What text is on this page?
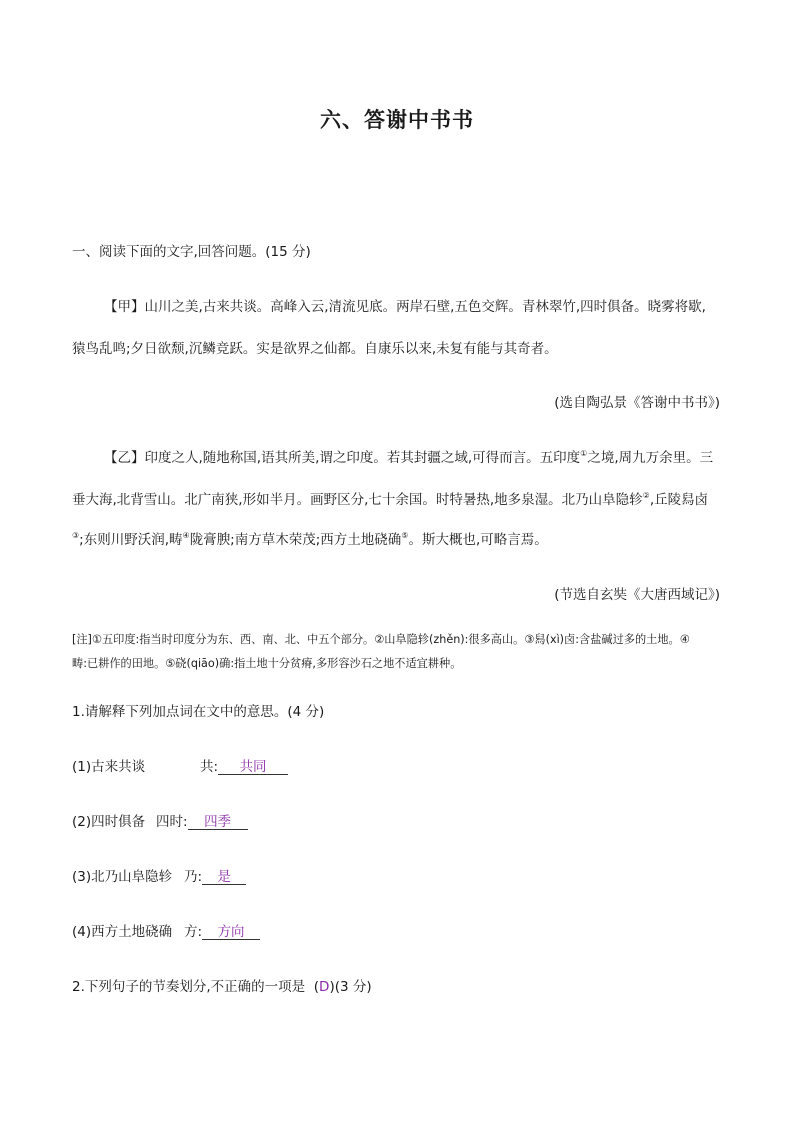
六、答谢中书书
一、阅读下面的文字,回答问题。(15 分)
【甲】山川之美,古来共谈。高峰入云,清流见底。两岸石壁,五色交辉。青林翠竹,四时俱备。晓雾将歇,
猿鸟乱鸣;夕日欲颓,沉鳞竞跃。实是欲界之仙都。自康乐以来,未复有能与其奇者。
(选自陶弘景《答谢中书书》)
【乙】印度之人,随地称国,语其所美,谓之印度。若其封疆之域,可得而言。五印度①之境,周九万余里。三
垂大海,北背雪山。北广南狭,形如半月。画野区分,七十余国。时特暑热,地多泉湿。北乃山阜隐轸②,丘陵舄卤
③;东则川野沃润,畴④陇膏腴;南方草木荣茂;西方土地硗确⑤。斯大概也,可略言焉。
(节选自玄奘《大唐西域记》)
[注]①五印度:指当时印度分为东、西、南、北、中五个部分。②山阜隐轸(zhěn):很多高山。③舄(xì)卤:含盐碱过多的土地。④
畴:已耕作的田地。⑤硗(qiāo)确:指土地十分贫瘠,多形容沙石之地不适宜耕种。
1.请解释下列加点词在文中的意思。(4 分)
(1)古来共谈	共: 共同
(2)四时俱备 四时: 四季
(3)北乃山阜隐轸 乃: 是
(4)西方土地硗确 方: 方向
2.下列句子的节奏划分,不正确的一项是  (D)(3 分)
